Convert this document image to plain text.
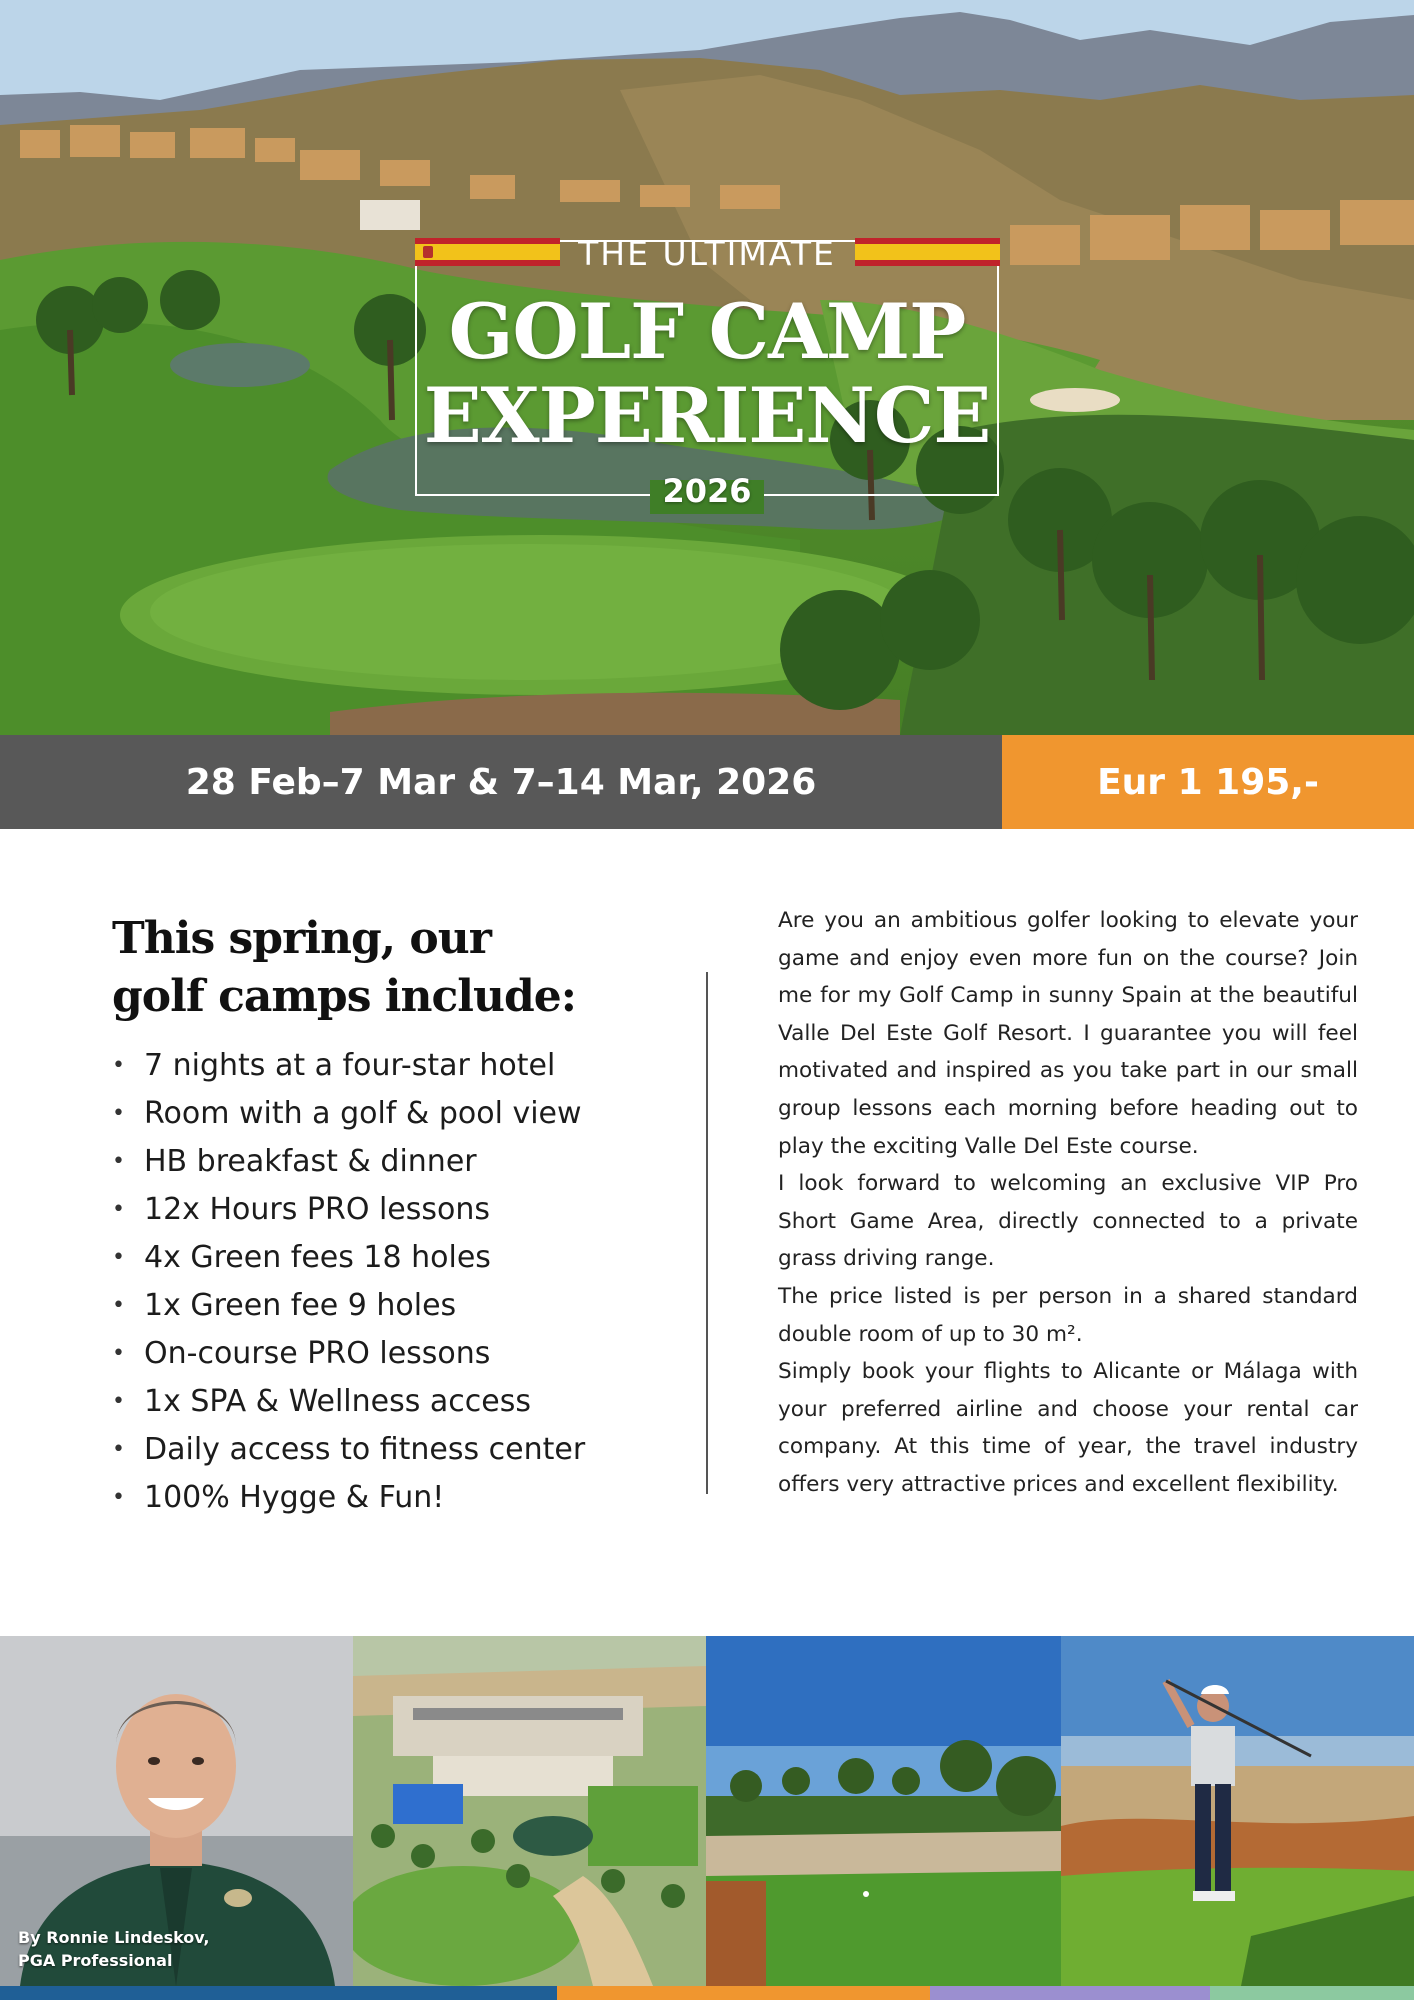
THE ULTIMATE
GOLF CAMP
EXPERIENCE
2026
28 Feb–7 Mar & 7–14 Mar, 2026	Eur 1 195,-
This spring, our
golf camps include:
• 7 nights at a four-star hotel
• Room with a golf & pool view
• HB breakfast & dinner
• 12x Hours PRO lessons
• 4x Green fees 18 holes
• 1x Green fee 9 holes
• On-course PRO lessons
• 1x SPA & Wellness access
• Daily access to fitness center
• 100% Hygge & Fun!

Are you an ambitious golfer looking to elevate your game and enjoy even more fun on the course? Join me for my Golf Camp in sunny Spain at the beautiful Valle Del Este Golf Resort. I guarantee you will feel motivated and inspired as you take part in our small group lessons each morning before heading out to play the exciting Valle Del Este course.

I look forward to welcoming an exclusive VIP Pro Short Game Area, directly connected to a private grass driving range.

The price listed is per person in a shared standard double room of up to 30 m².

Simply book your flights to Alicante or Málaga with your preferred airline and choose your rental car company. At this time of year, the travel industry offers very attractive prices and excellent flexibility.

By Ronnie Lindeskov,
PGA Professional
